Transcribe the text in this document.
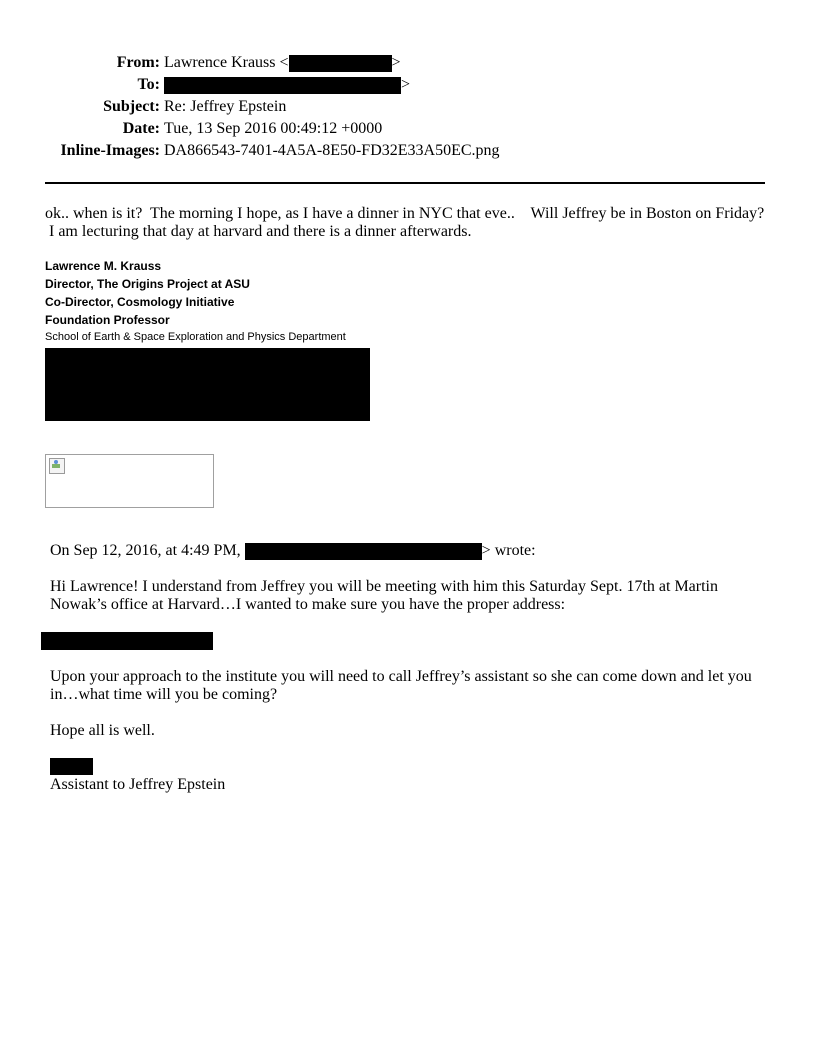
From: Lawrence Krauss <	>
To:	>
Subject: Re: Jeffrey Epstein
Date: Tue, 13 Sep 2016 00:49:12 +0000
Inline-Images: DA866543-7401-4A5A-8E50-FD32E33A50EC.png
ok.. when is it?  The morning I hope, as I have a dinner in NYC that eve..    Will Jeffrey be in Boston on Friday?
I am lecturing that day at harvard and there is a dinner afterwards.
Lawrence M. Krauss
Director, The Origins Project at ASU
Co-Director, Cosmology Initiative
Foundation Professor
School of Earth & Space Exploration and Physics Department
On Sep 12, 2016, at 4:49 PM,	> wrote:
Hi Lawrence! I understand from Jeffrey you will be meeting with him this Saturday Sept. 17th at Martin
Nowak’s office at Harvard…I wanted to make sure you have the proper address:
Upon your approach to the institute you will need to call Jeffrey’s assistant so she can come down and let you
in…what time will you be coming?
Hope all is well.
Assistant to Jeffrey Epstein
